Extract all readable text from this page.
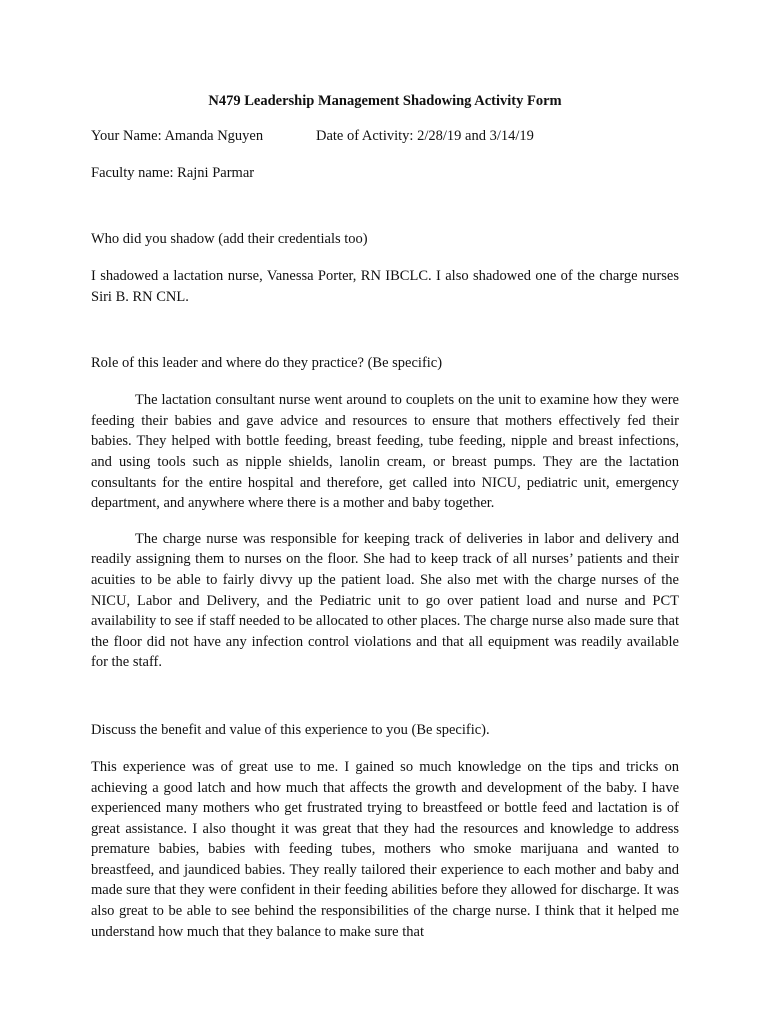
N479 Leadership Management Shadowing Activity Form

Your Name: Amanda Nguyen	Date of Activity: 2/28/19 and 3/14/19

Faculty name: Rajni Parmar

Who did you shadow (add their credentials too)

I shadowed a lactation nurse, Vanessa Porter, RN IBCLC. I also shadowed one of the charge nurses Siri B. RN CNL.

Role of this leader and where do they practice? (Be specific)

The lactation consultant nurse went around to couplets on the unit to examine how they were feeding their babies and gave advice and resources to ensure that mothers effectively fed their babies. They helped with bottle feeding, breast feeding, tube feeding, nipple and breast infections, and using tools such as nipple shields, lanolin cream, or breast pumps. They are the lactation consultants for the entire hospital and therefore, get called into NICU, pediatric unit, emergency department, and anywhere where there is a mother and baby together.

The charge nurse was responsible for keeping track of deliveries in labor and delivery and readily assigning them to nurses on the floor. She had to keep track of all nurses’ patients and their acuities to be able to fairly divvy up the patient load. She also met with the charge nurses of the NICU, Labor and Delivery, and the Pediatric unit to go over patient load and nurse and PCT availability to see if staff needed to be allocated to other places. The charge nurse also made sure that the floor did not have any infection control violations and that all equipment was readily available for the staff.

Discuss the benefit and value of this experience to you (Be specific).

This experience was of great use to me. I gained so much knowledge on the tips and tricks on achieving a good latch and how much that affects the growth and development of the baby. I have experienced many mothers who get frustrated trying to breastfeed or bottle feed and lactation is of great assistance. I also thought it was great that they had the resources and knowledge to address premature babies, babies with feeding tubes, mothers who smoke marijuana and wanted to breastfeed, and jaundiced babies. They really tailored their experience to each mother and baby and made sure that they were confident in their feeding abilities before they allowed for discharge. It was also great to be able to see behind the responsibilities of the charge nurse. I think that it helped me understand how much that they balance to make sure that
